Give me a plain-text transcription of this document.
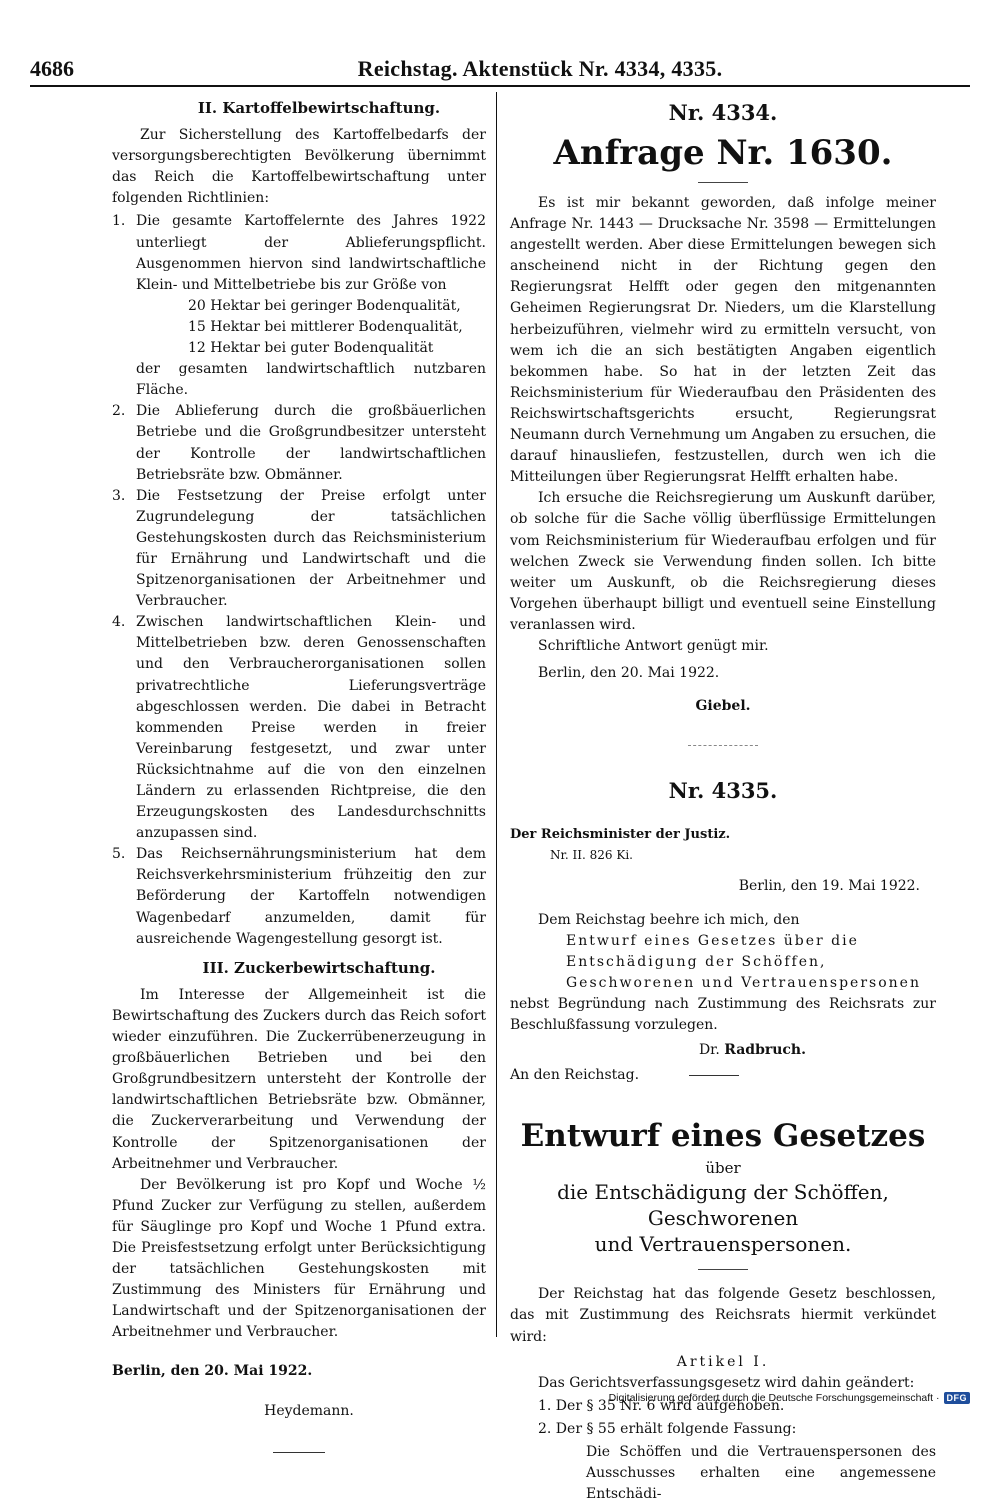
4686	Reichstag. Aktenstück Nr. 4334, 4335.
II. Kartoffelbewirtschaftung.

Zur Sicherstellung des Kartoffelbedarfs der versorgungsberechtigten Bevölkerung übernimmt das Reich die Kartoffelbewirtschaftung unter folgenden Richtlinien:

1. Die gesamte Kartoffelernte des Jahres 1922 unterliegt der Ablieferungspflicht. Ausgenommen hiervon sind landwirtschaftliche Klein- und Mittelbetriebe bis zur Größe von
20 Hektar bei geringer Bodenqualität,
15 Hektar bei mittlerer Bodenqualität,
12 Hektar bei guter Bodenqualität
der gesamten landwirtschaftlich nutzbaren Fläche.
2. Die Ablieferung durch die großbäuerlichen Betriebe und die Großgrundbesitzer untersteht der Kontrolle der landwirtschaftlichen Betriebsräte bzw. Obmänner.
3. Die Festsetzung der Preise erfolgt unter Zugrundelegung der tatsächlichen Gestehungskosten durch das Reichsministerium für Ernährung und Landwirtschaft und die Spitzenorganisationen der Arbeitnehmer und Verbraucher.
4. Zwischen landwirtschaftlichen Klein- und Mittelbetrieben bzw. deren Genossenschaften und den Verbraucherorganisationen sollen privatrechtliche Lieferungsverträge abgeschlossen werden. Die dabei in Betracht kommenden Preise werden in freier Vereinbarung festgesetzt, und zwar unter Rücksichtnahme auf die von den einzelnen Ländern zu erlassenden Richtpreise, die den Erzeugungskosten des Landesdurchschnitts anzupassen sind.
5. Das Reichsernährungsministerium hat dem Reichsverkehrsministerium frühzeitig den zur Beförderung der Kartoffeln notwendigen Wagenbedarf anzumelden, damit für ausreichende Wagengestellung gesorgt ist.
III. Zuckerbewirtschaftung.

Im Interesse der Allgemeinheit ist die Bewirtschaftung des Zuckers durch das Reich sofort wieder einzuführen. Die Zuckerrübenerzeugung in großbäuerlichen Betrieben und bei den Großgrundbesitzern untersteht der Kontrolle der landwirtschaftlichen Betriebsräte bzw. Obmänner, die Zuckerverarbeitung und Verwendung der Kontrolle der Spitzenorganisationen der Arbeitnehmer und Verbraucher.

Der Bevölkerung ist pro Kopf und Woche ½ Pfund Zucker zur Verfügung zu stellen, außerdem für Säuglinge pro Kopf und Woche 1 Pfund extra. Die Preisfestsetzung erfolgt unter Berücksichtigung der tatsächlichen Gestehungskosten mit Zustimmung des Ministers für Ernährung und Landwirtschaft und der Spitzenorganisationen der Arbeitnehmer und Verbraucher.

Berlin, den 20. Mai 1922.
Heydemann.
Nr. 4334.
Anfrage Nr. 1630.

Es ist mir bekannt geworden, daß infolge meiner Anfrage Nr. 1443 — Drucksache Nr. 3598 — Ermittelungen angestellt werden. Aber diese Ermittelungen bewegen sich anscheinend nicht in der Richtung gegen den Regierungsrat Helfft oder gegen den mitgenannten Geheimen Regierungsrat Dr. Nieders, um die Klarstellung herbeizuführen, vielmehr wird zu ermitteln versucht, von wem ich die an sich bestätigten Angaben eigentlich bekommen habe. So hat in der letzten Zeit das Reichsministerium für Wiederaufbau den Präsidenten des Reichswirtschaftsgerichts ersucht, Regierungsrat Neumann durch Vernehmung um Angaben zu ersuchen, die darauf hinausliefen, festzustellen, durch wen ich die Mitteilungen über Regierungsrat Helfft erhalten habe.

Ich ersuche die Reichsregierung um Auskunft darüber, ob solche für die Sache völlig überflüssige Ermittelungen vom Reichsministerium für Wiederaufbau erfolgen und für welchen Zweck sie Verwendung finden sollen. Ich bitte weiter um Auskunft, ob die Reichsregierung dieses Vorgehen überhaupt billigt und eventuell seine Einstellung veranlassen wird.

Schriftliche Antwort genügt mir.

Berlin, den 20. Mai 1922.

Giebel.
Nr. 4335.
Der Reichsminister der Justiz.
Nr. II. 826 Ki.
Berlin, den 19. Mai 1922.
Dem Reichstag beehre ich mich, den
Entwurf eines Gesetzes über die Entschädigung der Schöffen, Geschworenen und Vertrauenspersonen

nebst Begründung nach Zustimmung des Reichsrats zur Beschlußfassung vorzulegen.

Dr. Radbruch.
An den Reichstag.
Entwurf eines Gesetzes
über
die Entschädigung der Schöffen, Geschworenen
und Vertrauenspersonen.

Der Reichstag hat das folgende Gesetz beschlossen, das mit Zustimmung des Reichsrats hiermit verkündet wird:

Artikel I.
Das Gerichtsverfassungsgesetz wird dahin geändert:
1. Der § 35 Nr. 6 wird aufgehoben.
2. Der § 55 erhält folgende Fassung:

Die Schöffen und die Vertrauenspersonen des Ausschusses erhalten eine angemessene Entschädi-

Digitalisierung gefördert durch die Deutsche Forschungsgemeinschaft · DFG
